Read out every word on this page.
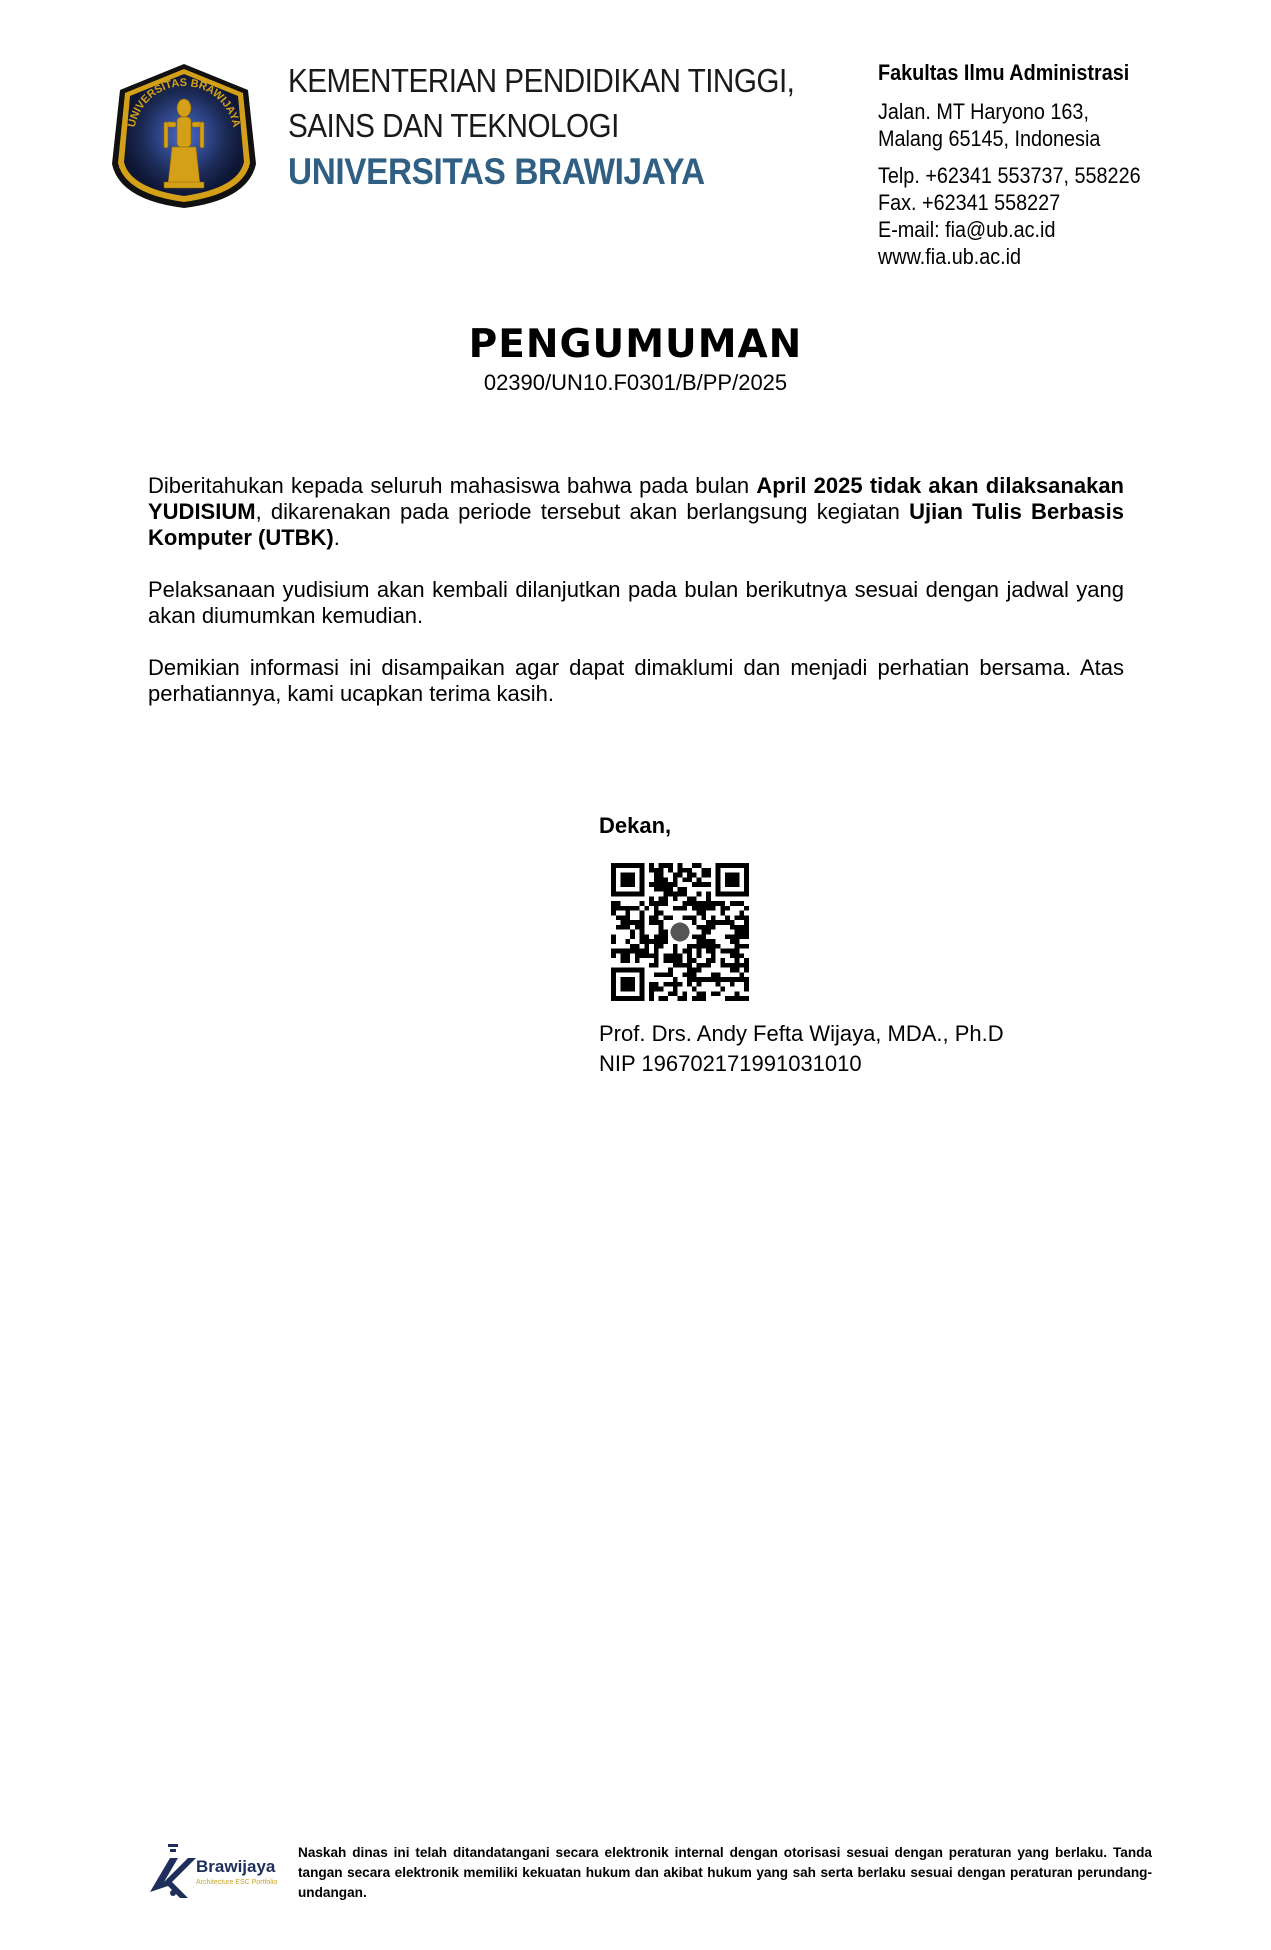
UNIVERSITAS BRAWIJAYA
KEMENTERIAN PENDIDIKAN TINGGI,
SAINS DAN TEKNOLOGI
UNIVERSITAS BRAWIJAYA
Fakultas Ilmu Administrasi
Jalan. MT Haryono 163,
Malang 65145, Indonesia
Telp. +62341 553737, 558226
Fax. +62341 558227
E-mail: fia@ub.ac.id
www.fia.ub.ac.id
PENGUMUMAN
02390/UN10.F0301/B/PP/2025

Diberitahukan kepada seluruh mahasiswa bahwa pada bulan April 2025 tidak akan dilaksanakan YUDISIUM, dikarenakan pada periode tersebut akan berlangsung kegiatan Ujian Tulis Berbasis Komputer (UTBK).

Pelaksanaan yudisium akan kembali dilanjutkan pada bulan berikutnya sesuai dengan jadwal yang akan diumumkan kemudian.

Demikian informasi ini disampaikan agar dapat dimaklumi dan menjadi perhatian bersama. Atas perhatiannya, kami ucapkan terima kasih.

Dekan,
Prof. Drs. Andy Fefta Wijaya, MDA., Ph.D
NIP 196702171991031010
Brawijaya
Architecture ESC Portfolio
Naskah dinas ini telah ditandatangani secara elektronik internal dengan otorisasi sesuai dengan peraturan yang berlaku. Tanda tangan secara elektronik memiliki kekuatan hukum dan akibat hukum yang sah serta berlaku sesuai dengan peraturan perundang-undangan.
